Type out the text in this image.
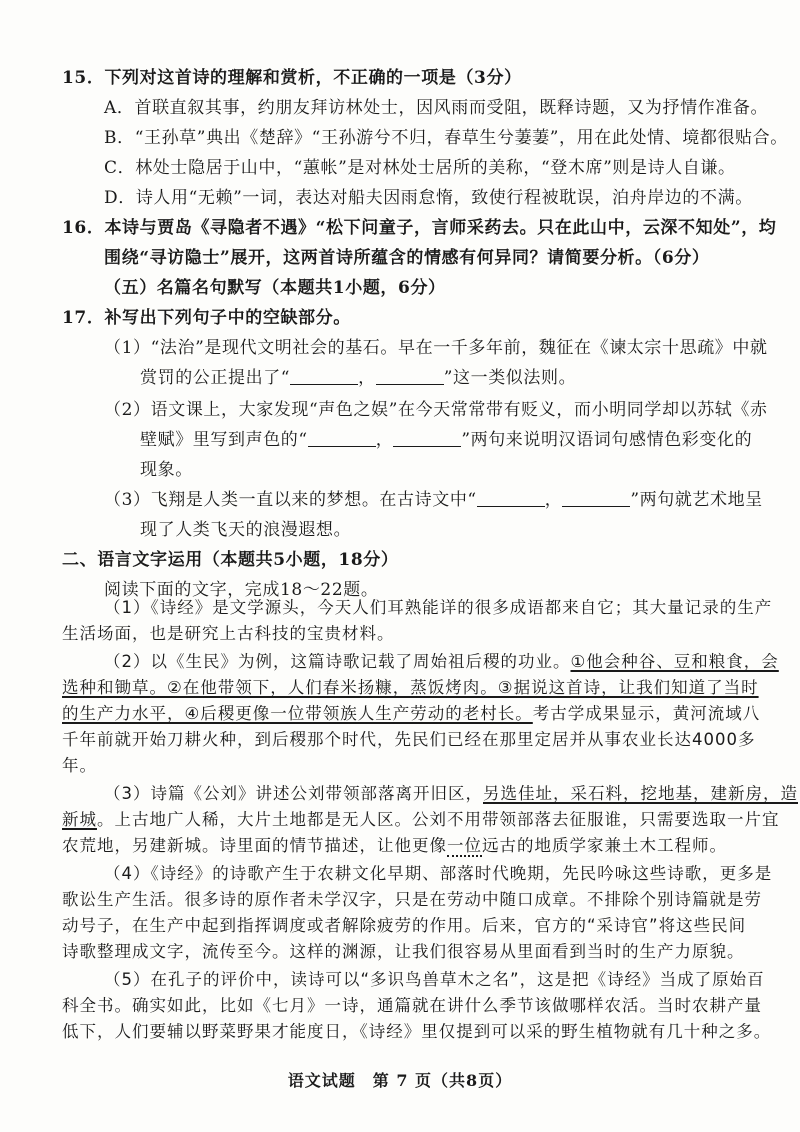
15．下列对这首诗的理解和赏析，不正确的一项是（3分）
A．首联直叙其事，约朋友拜访林处士，因风雨而受阻，既释诗题，又为抒情作准备。
B．“王孙草”典出《楚辞》“王孙游兮不归，春草生兮萋萋”，用在此处情、境都很贴合。
C．林处士隐居于山中，“蕙帐”是对林处士居所的美称，“登木席”则是诗人自谦。
D．诗人用“无赖”一词，表达对船夫因雨怠惰，致使行程被耽误，泊舟岸边的不满。
16．本诗与贾岛《寻隐者不遇》“松下问童子，言师采药去。只在此山中，云深不知处”，均
围绕“寻访隐士”展开，这两首诗所蕴含的情感有何异同？请简要分析。（6分）
（五）名篇名句默写（本题共1小题，6分）
17．补写出下列句子中的空缺部分。
（1）“法治”是现代文明社会的基石。早在一千多年前，魏征在《谏太宗十思疏》中就
赏罚的公正提出了“	，	”这一类似法则。
（2）语文课上，大家发现“声色之娱”在今天常常带有贬义，而小明同学却以苏轼《赤
壁赋》里写到声色的“	，	”两句来说明汉语词句感情色彩变化的
现象。
（3）飞翔是人类一直以来的梦想。在古诗文中“	，	”两句就艺术地呈
现了人类飞天的浪漫遐想。
二、语言文字运用（本题共5小题，18分）
阅读下面的文字，完成18～22题。
（1）《诗经》是文学源头，今天人们耳熟能详的很多成语都来自它；其大量记录的生产
生活场面，也是研究上古科技的宝贵材料。
（2）以《生民》为例，这篇诗歌记载了周始祖后稷的功业。①他会种谷、豆和粮食，会
选种和锄草。②在他带领下，人们春米扬糠，蒸饭烤肉。③据说这首诗，让我们知道了当时
的生产力水平，④后稷更像一位带领族人生产劳动的老村长。考古学成果显示，黄河流域八
千年前就开始刀耕火种，到后稷那个时代，先民们已经在那里定居并从事农业长达4000多
年。
（3）诗篇《公刘》讲述公刘带领部落离开旧区，另选佳址，采石料，挖地基，建新房，造
新城。上古地广人稀，大片土地都是无人区。公刘不用带领部落去征服谁，只需要选取一片宜
农荒地，另建新城。诗里面的情节描述，让他更像一位远古的地质学家兼土木工程师。
（4）《诗经》的诗歌产生于农耕文化早期、部落时代晚期，先民吟咏这些诗歌，更多是
歌讼生产生活。很多诗的原作者未学汉字，只是在劳动中随口成章。不排除个别诗篇就是劳
动号子，在生产中起到指挥调度或者解除疲劳的作用。后来，官方的“采诗官”将这些民间
诗歌整理成文字，流传至今。这样的渊源，让我们很容易从里面看到当时的生产力原貌。
（5）在孔子的评价中，读诗可以“多识鸟兽草木之名”，这是把《诗经》当成了原始百
语文试题　第 7 页（共8页）
科全书。确实如此，比如《七月》一诗，通篇就在讲什么季节该做哪样农活。当时农耕产量
低下，人们要辅以野菜野果才能度日，《诗经》里仅提到可以采的野生植物就有几十种之多。
